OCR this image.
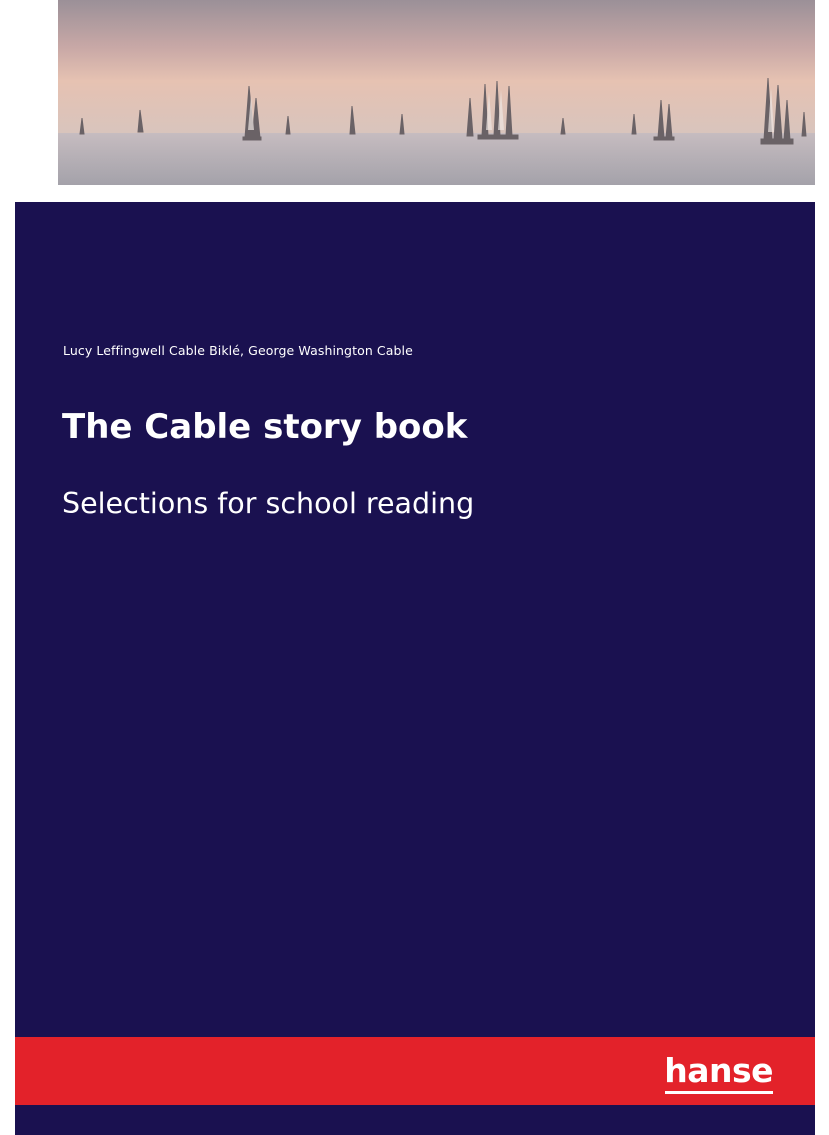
Lucy Leffingwell Cable Biklé, George Washington Cable
The Cable story book
Selections for school reading
hanse
